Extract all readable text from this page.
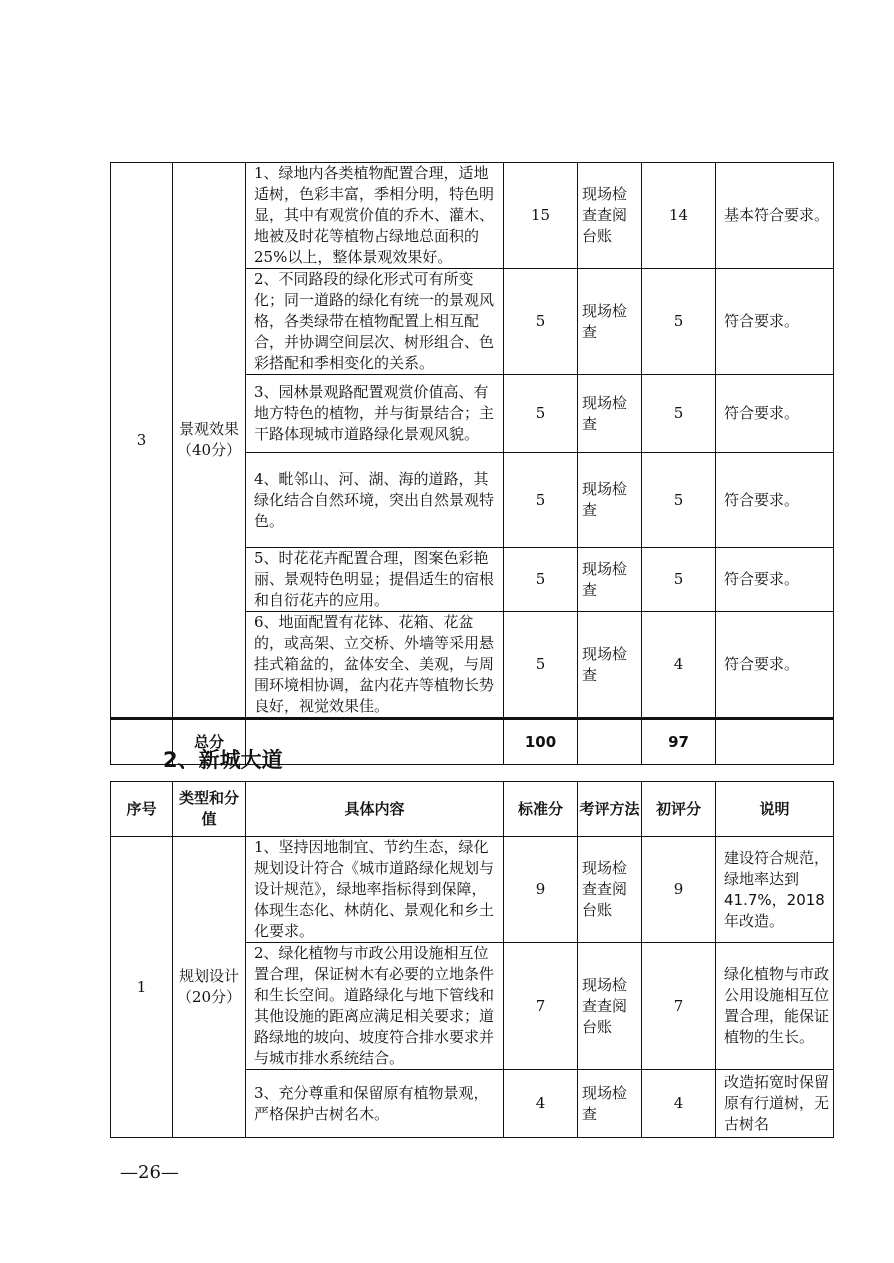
3	景观效果（40分）	1、绿地内各类植物配置合理，适地适树，色彩丰富，季相分明，特色明显，其中有观赏价值的乔木、灌木、地被及时花等植物占绿地总面积的 25%以上，整体景观效果好。	15	现场检查查阅台账	14	基本符合要求。
		2、不同路段的绿化形式可有所变化；同一道路的绿化有统一的景观风格，各类绿带在植物配置上相互配合，并协调空间层次、树形组合、色彩搭配和季相变化的关系。	5	现场检查	5	符合要求。
		3、园林景观路配置观赏价值高、有地方特色的植物，并与街景结合；主干路体现城市道路绿化景观风貌。	5	现场检查	5	符合要求。
		4、毗邻山、河、湖、海的道路，其绿化结合自然环境，突出自然景观特色。	5	现场检查	5	符合要求。
		5、时花花卉配置合理，图案色彩艳丽、景观特色明显；提倡适生的宿根和自衍花卉的应用。	5	现场检查	5	符合要求。
		6、地面配置有花钵、花箱、花盆的，或高架、立交桥、外墙等采用悬挂式箱盆的，盆体安全、美观，与周围环境相协调，盆内花卉等植物长势良好，视觉效果佳。	5	现场检查	4	符合要求。
	总分		100		97	
2、新城大道
序号	类型和分值	具体内容	标准分	考评方法	初评分	说明
1	规划设计（20分）	1、坚持因地制宜、节约生态，绿化规划设计符合《城市道路绿化规划与设计规范》，绿地率指标得到保障，体现生态化、林荫化、景观化和乡土化要求。	9	现场检查查阅台账	9	建设符合规范，绿地率达到 41.7%，2018年改造。
		2、绿化植物与市政公用设施相互位置合理，保证树木有必要的立地条件和生长空间。道路绿化与地下管线和其他设施的距离应满足相关要求；道路绿地的坡向、坡度符合排水要求并与城市排水系统结合。	7	现场检查查阅台账	7	绿化植物与市政公用设施相互位置合理，能保证植物的生长。
		3、充分尊重和保留原有植物景观，严格保护古树名木。	4	现场检查	4	改造拓宽时保留原有行道树，无古树名
—26—
